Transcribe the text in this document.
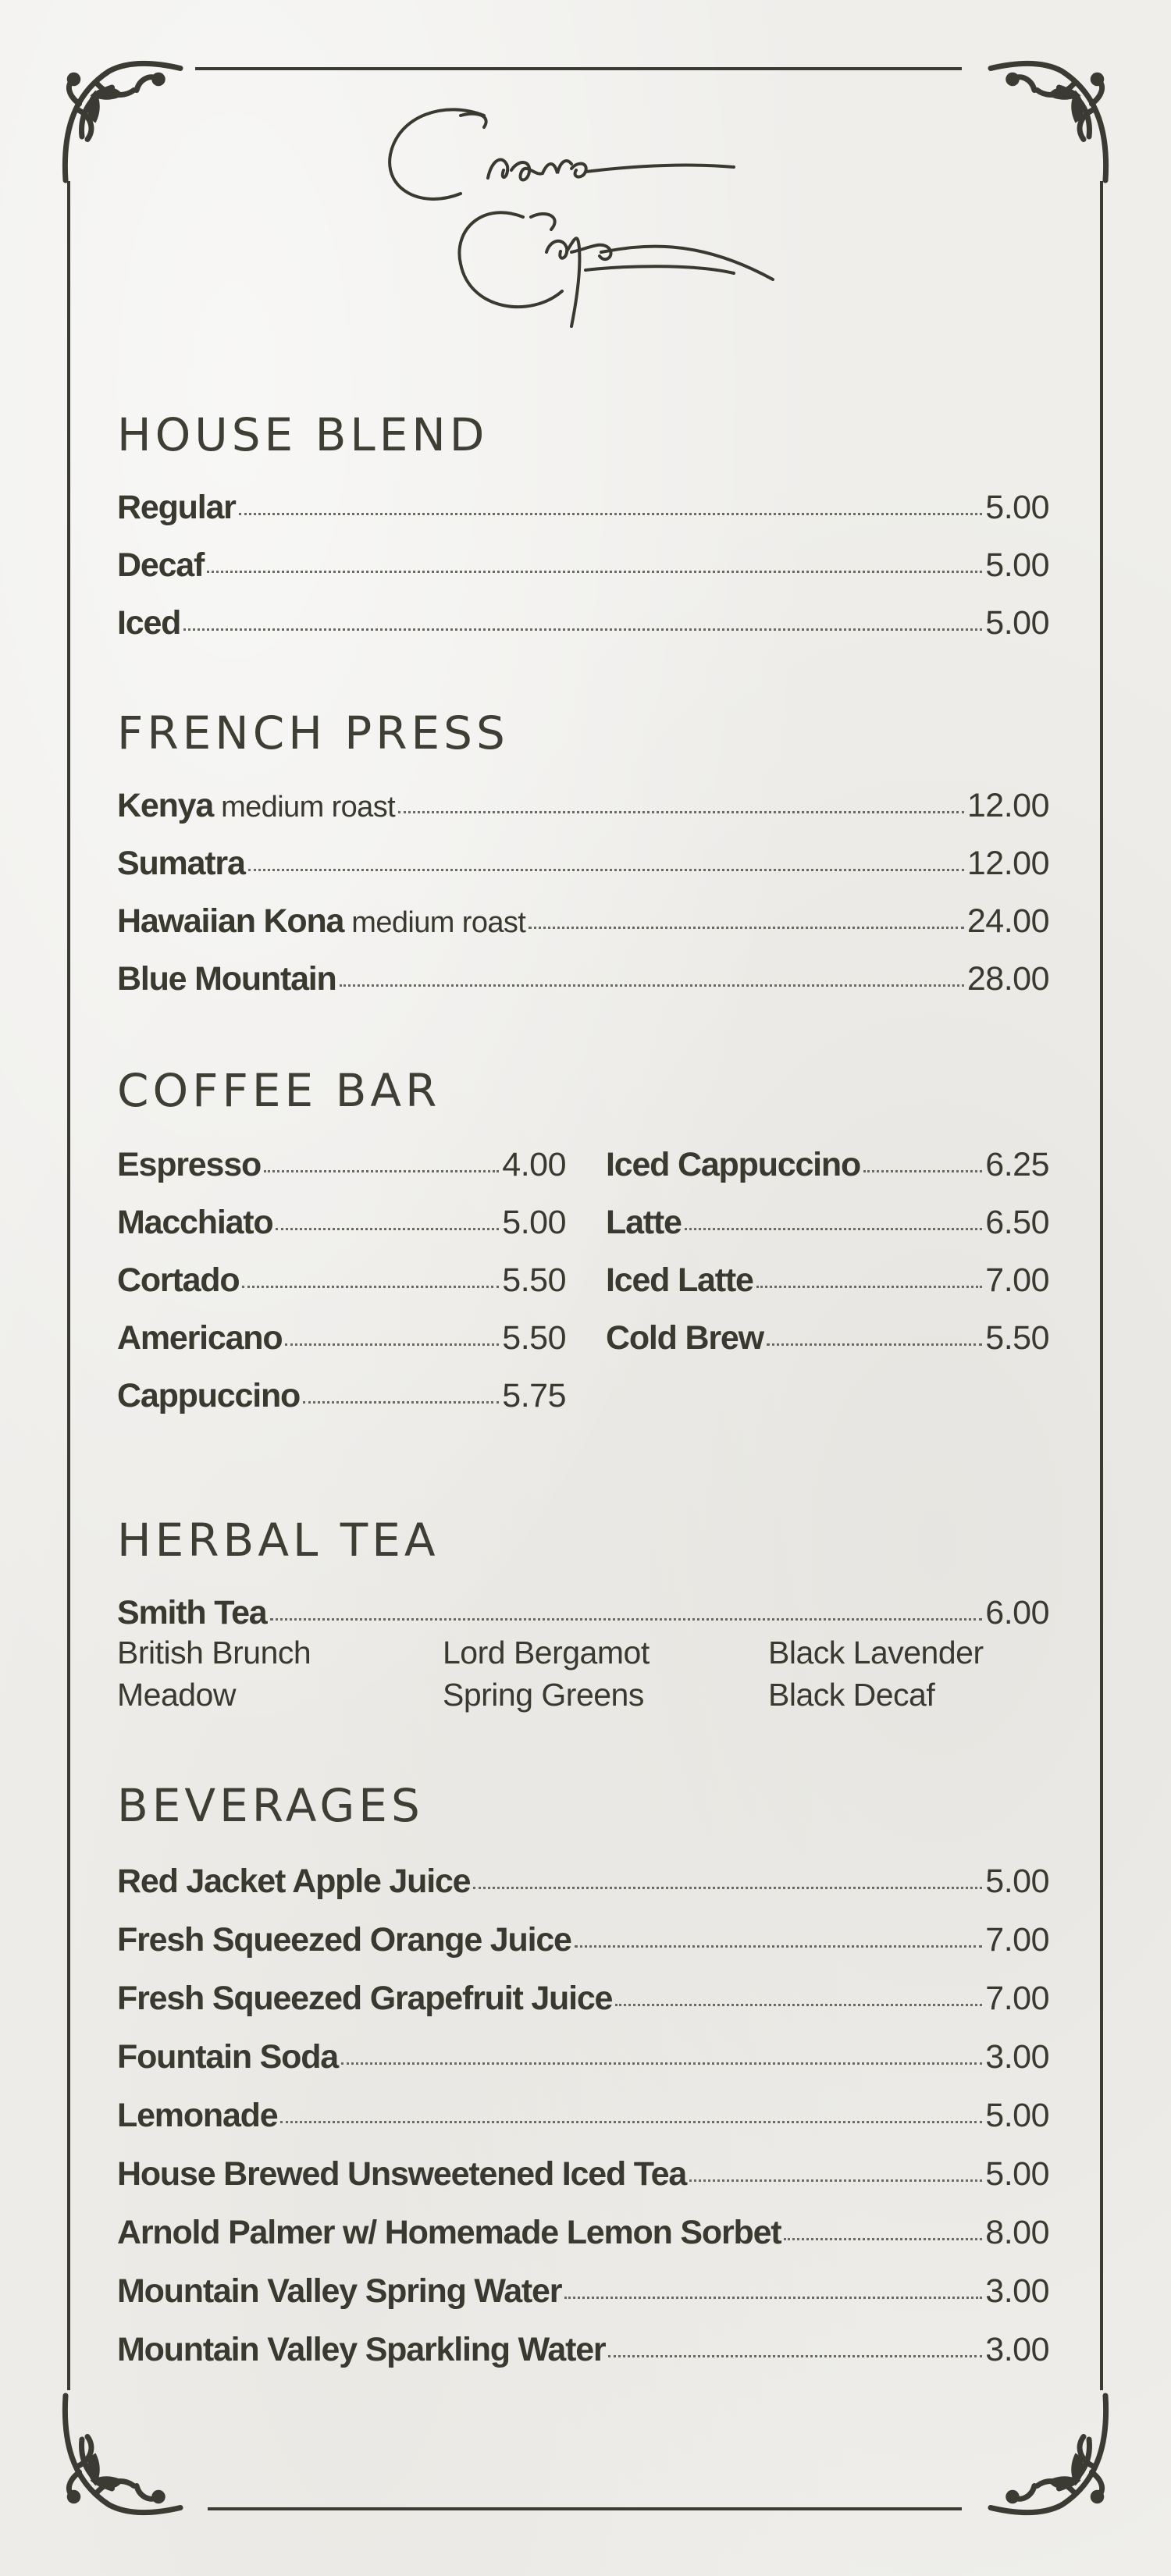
HOUSE BLEND
Regular	5.00
Decaf	5.00
Iced	5.00
FRENCH PRESS
Kenya medium roast	12.00
Sumatra	12.00
Hawaiian Kona medium roast	24.00
Blue Mountain	28.00
COFFEE BAR
Espresso	4.00
Macchiato	5.00
Cortado	5.50
Americano	5.50
Cappuccino	5.75
Iced Cappuccino	6.25
Latte	6.50
Iced Latte	7.00
Cold Brew	5.50
HERBAL TEA
Smith Tea	6.00
British Brunch	Lord Bergamot	Black Lavender
Meadow	Spring Greens	Black Decaf
BEVERAGES
Red Jacket Apple Juice	5.00
Fresh Squeezed Orange Juice	7.00
Fresh Squeezed Grapefruit Juice	7.00
Fountain Soda	3.00
Lemonade	5.00
House Brewed Unsweetened Iced Tea	5.00
Arnold Palmer w/ Homemade Lemon Sorbet	8.00
Mountain Valley Spring Water	3.00
Mountain Valley Sparkling Water	3.00
